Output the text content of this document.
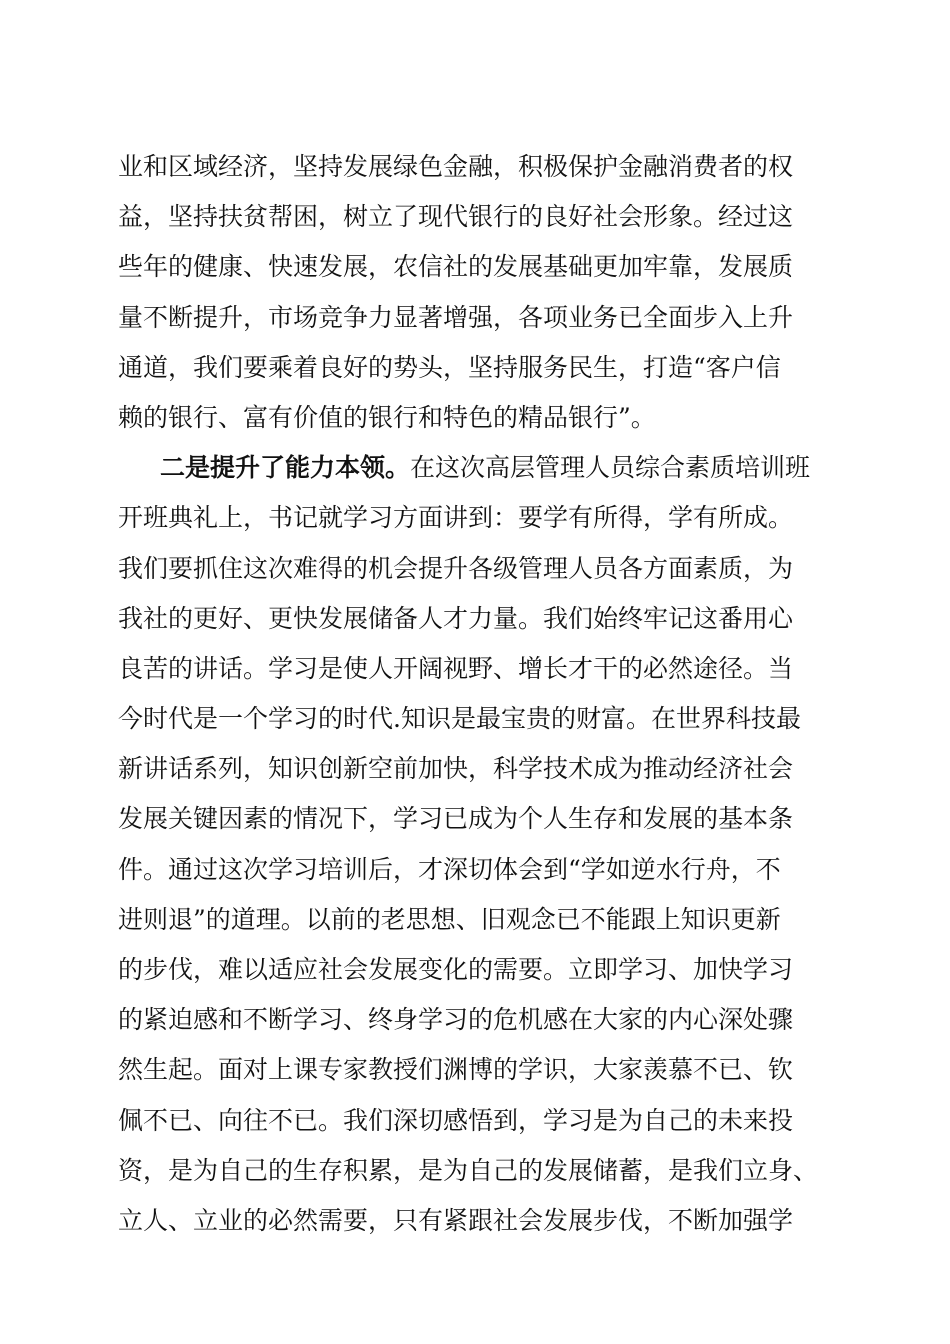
业和区域经济，坚持发展绿色金融，积极保护金融消费者的权
益，坚持扶贫帮困，树立了现代银行的良好社会形象。经过这
些年的健康、快速发展，农信社的发展基础更加牢靠，发展质
量不断提升，市场竞争力显著增强，各项业务已全面步入上升
通道，我们要乘着良好的势头，坚持服务民生，打造“客户信
赖的银行、富有价值的银行和特色的精品银行”。
二是提升了能力本领。在这次高层管理人员综合素质培训班
开班典礼上，书记就学习方面讲到：要学有所得，学有所成。
我们要抓住这次难得的机会提升各级管理人员各方面素质，为
我社的更好、更快发展储备人才力量。我们始终牢记这番用心
良苦的讲话。学习是使人开阔视野、增长才干的必然途径。当
今时代是一个学习的时代.知识是最宝贵的财富。在世界科技最
新讲话系列，知识创新空前加快，科学技术成为推动经济社会
发展关键因素的情况下，学习已成为个人生存和发展的基本条
件。通过这次学习培训后，才深切体会到“学如逆水行舟，不
进则退”的道理。以前的老思想、旧观念已不能跟上知识更新
的步伐，难以适应社会发展变化的需要。立即学习、加快学习
的紧迫感和不断学习、终身学习的危机感在大家的内心深处骤
然生起。面对上课专家教授们渊博的学识，大家羡慕不已、钦
佩不已、向往不已。我们深切感悟到，学习是为自己的未来投
资，是为自己的生存积累，是为自己的发展储蓄，是我们立身、
立人、立业的必然需要，只有紧跟社会发展步伐，不断加强学
